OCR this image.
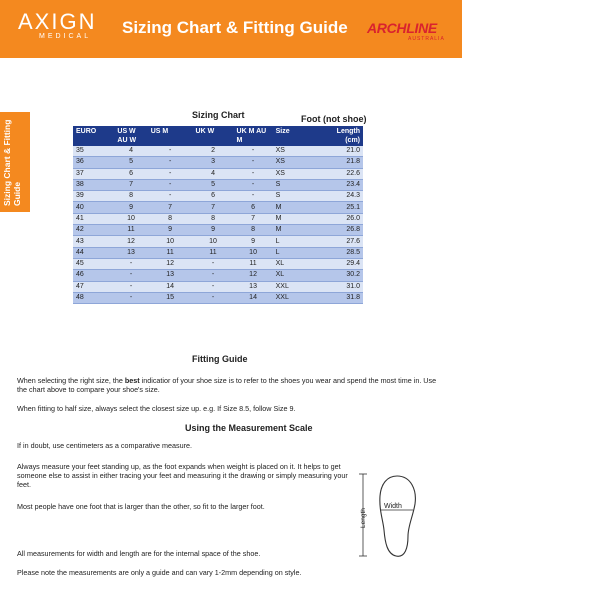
AXIGN
MEDICAL Sizing Chart & Fitting Guide ARCHLINE
AUSTRALIA
Sizing Chart & Fitting Guide
Sizing Chart	Foot (not shoe)
EURO	US W AU W	US M	UK W	UK M AU M	Size	Length (cm)
35	4	-	2	-	XS	21.0
36	5	-	3	-	XS	21.8
37	6	-	4	-	XS	22.6
38	7	-	5	-	S	23.4
39	8	-	6	-	S	24.3
40	9	7	7	6	M	25.1
41	10	8	8	7	M	26.0
42	11	9	9	8	M	26.8
43	12	10	10	9	L	27.6
44	13	11	11	10	L	28.5
45	-	12	-	11	XL	29.4
46	-	13	-	12	XL	30.2
47	-	14	-	13	XXL	31.0
48	-	15	-	14	XXL	31.8
Fitting Guide
When selecting the right size, the best indicatior of your shoe size is to refer to the shoes you wear and spend the most time in. Use the chart above to compare your shoe's size.
When fitting to half size, always select the closest size up. e.g. If Size 8.5, follow Size 9.
Using the Measurement Scale
If in doubt, use centimeters as a comparative measure.
Always measure your feet standing up, as the foot expands when weight is placed on it. It helps to get someone else to assist in either tracing your feet and measuring it the drawing or simply measuring your feet.
Most people have one foot that is larger than the other, so fit to the larger foot.
All measurements for width and length are for the internal space of the shoe.
Please note the measurements are only a guide and can vary 1-2mm depending on style.
Length
Width
